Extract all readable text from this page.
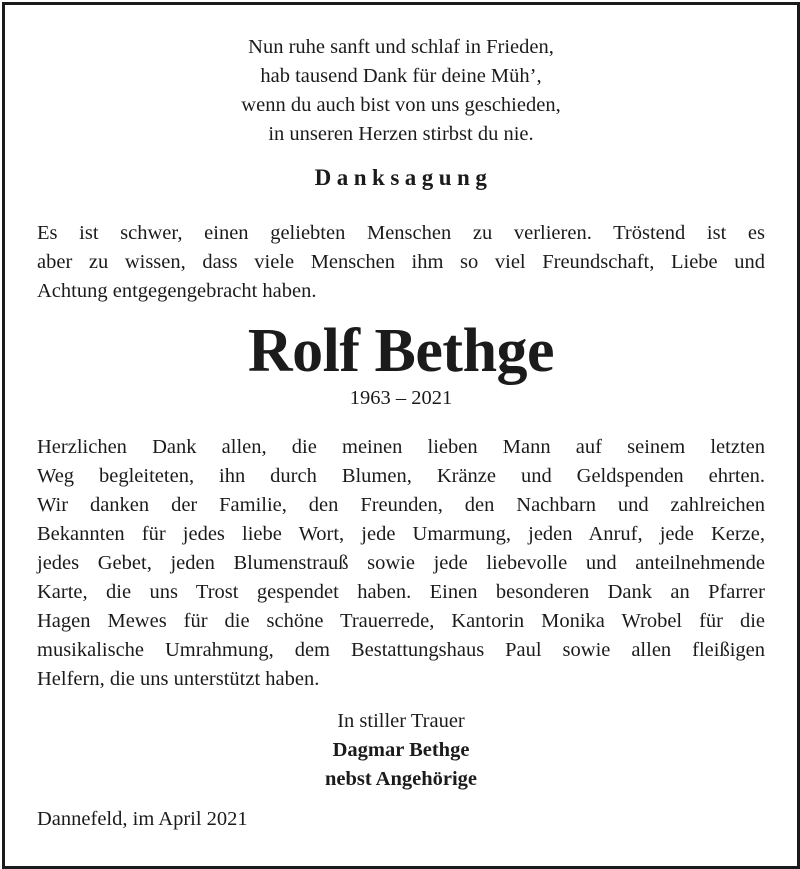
Nun ruhe sanft und schlaf in Frieden,
hab tausend Dank für deine Müh’,
wenn du auch bist von uns geschieden,
in unseren Herzen stirbst du nie.
Danksagung
Es ist schwer, einen geliebten Menschen zu verlieren. Tröstend ist es
aber zu wissen, dass viele Menschen ihm so viel Freundschaft, Liebe und
Achtung entgegengebracht haben.
Rolf Bethge
1963 – 2021
Herzlichen Dank allen, die meinen lieben Mann auf seinem letzten
Weg begleiteten, ihn durch Blumen, Kränze und Geldspenden ehrten.
Wir danken der Familie, den Freunden, den Nachbarn und zahlreichen
Bekannten für jedes liebe Wort, jede Umarmung, jeden Anruf, jede Kerze,
jedes Gebet, jeden Blumenstrauß sowie jede liebevolle und anteilnehmende
Karte, die uns Trost gespendet haben. Einen besonderen Dank an Pfarrer
Hagen Mewes für die schöne Trauerrede, Kantorin Monika Wrobel für die
musikalische Umrahmung, dem Bestattungshaus Paul sowie allen fleißigen
Helfern, die uns unterstützt haben.
In stiller Trauer
Dagmar Bethge
nebst Angehörige
Dannefeld, im April 2021
